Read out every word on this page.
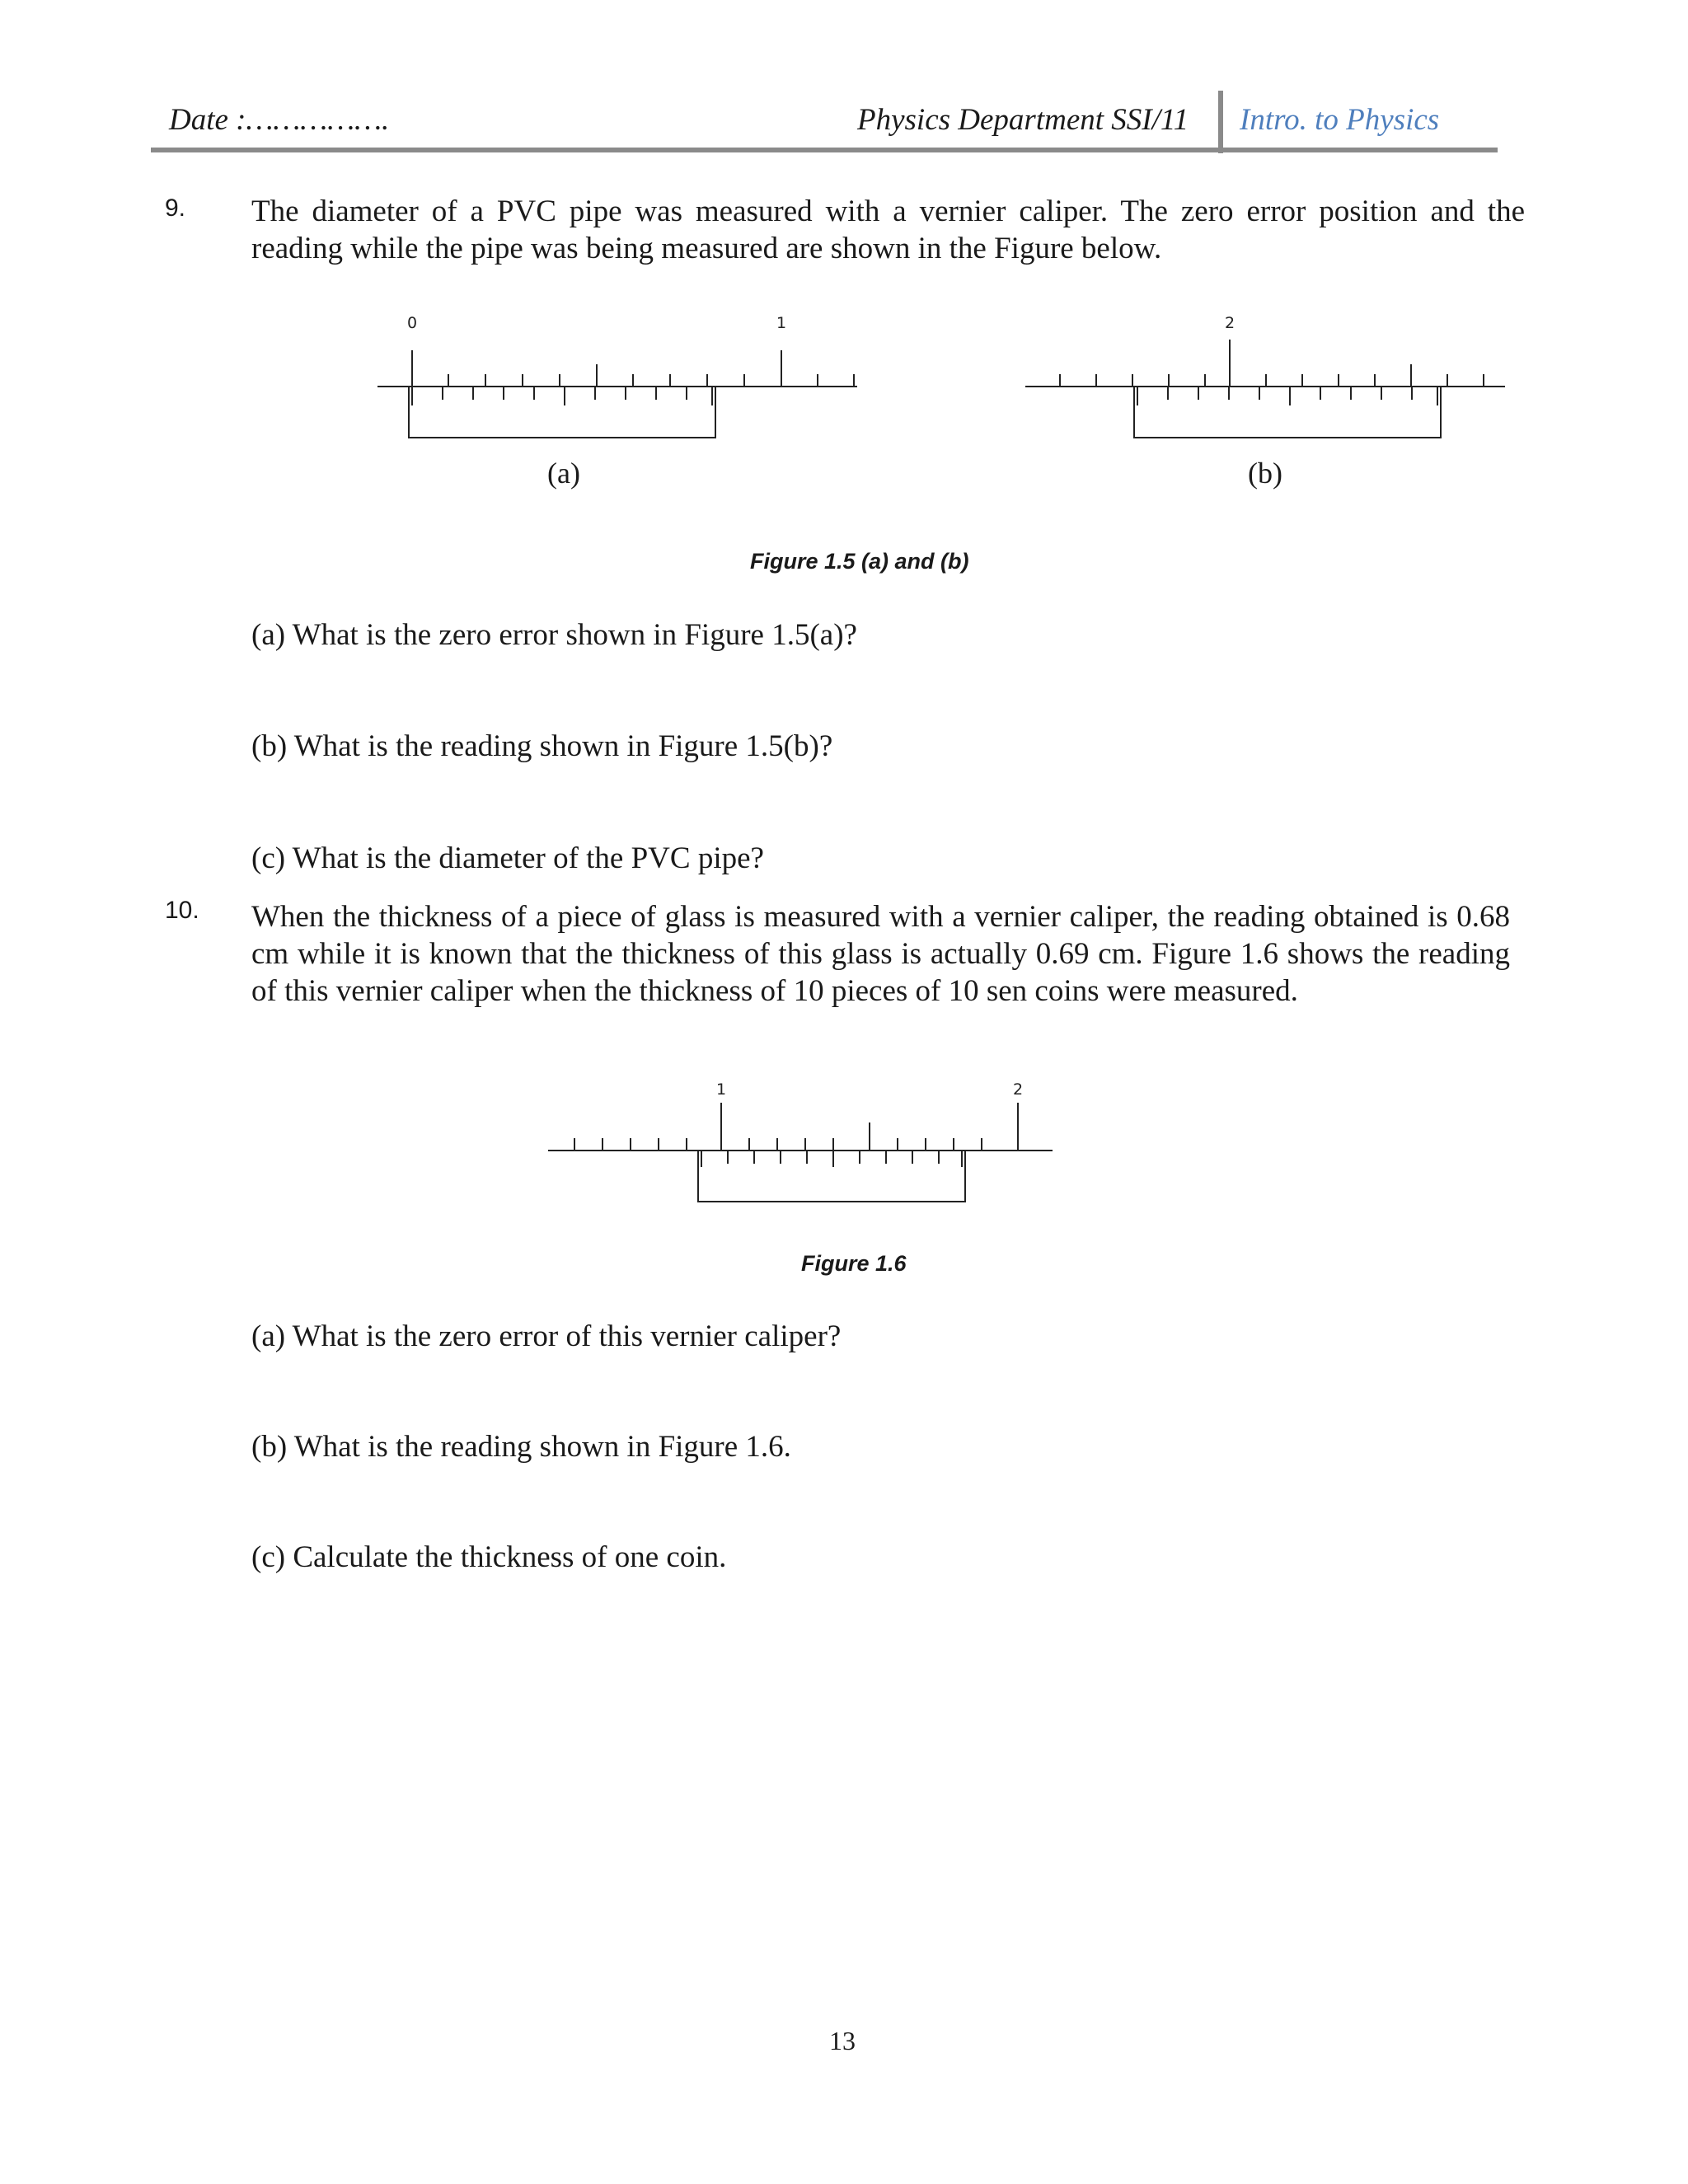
Date :…………….	Physics Department SSI/11 Intro. to Physics
9. The diameter of a PVC pipe was measured with a vernier caliper. The zero error position and the reading while the pipe was being measured are shown in the Figure below.
0	1
(a)
2
(b)
Figure 1.5 (a) and (b)
(a) What is the zero error shown in Figure 1.5(a)?
(b) What is the reading shown in Figure 1.5(b)?
(c) What is the diameter of the PVC pipe?
10. When the thickness of a piece of glass is measured with a vernier caliper, the reading obtained is 0.68 cm while it is known that the thickness of this glass is actually 0.69 cm. Figure 1.6 shows the reading of this vernier caliper when the thickness of 10 pieces of 10 sen coins were measured.
1	2
Figure 1.6
(a) What is the zero error of this vernier caliper?
(b) What is the reading shown in Figure 1.6.
(c) Calculate the thickness of one coin.
13
